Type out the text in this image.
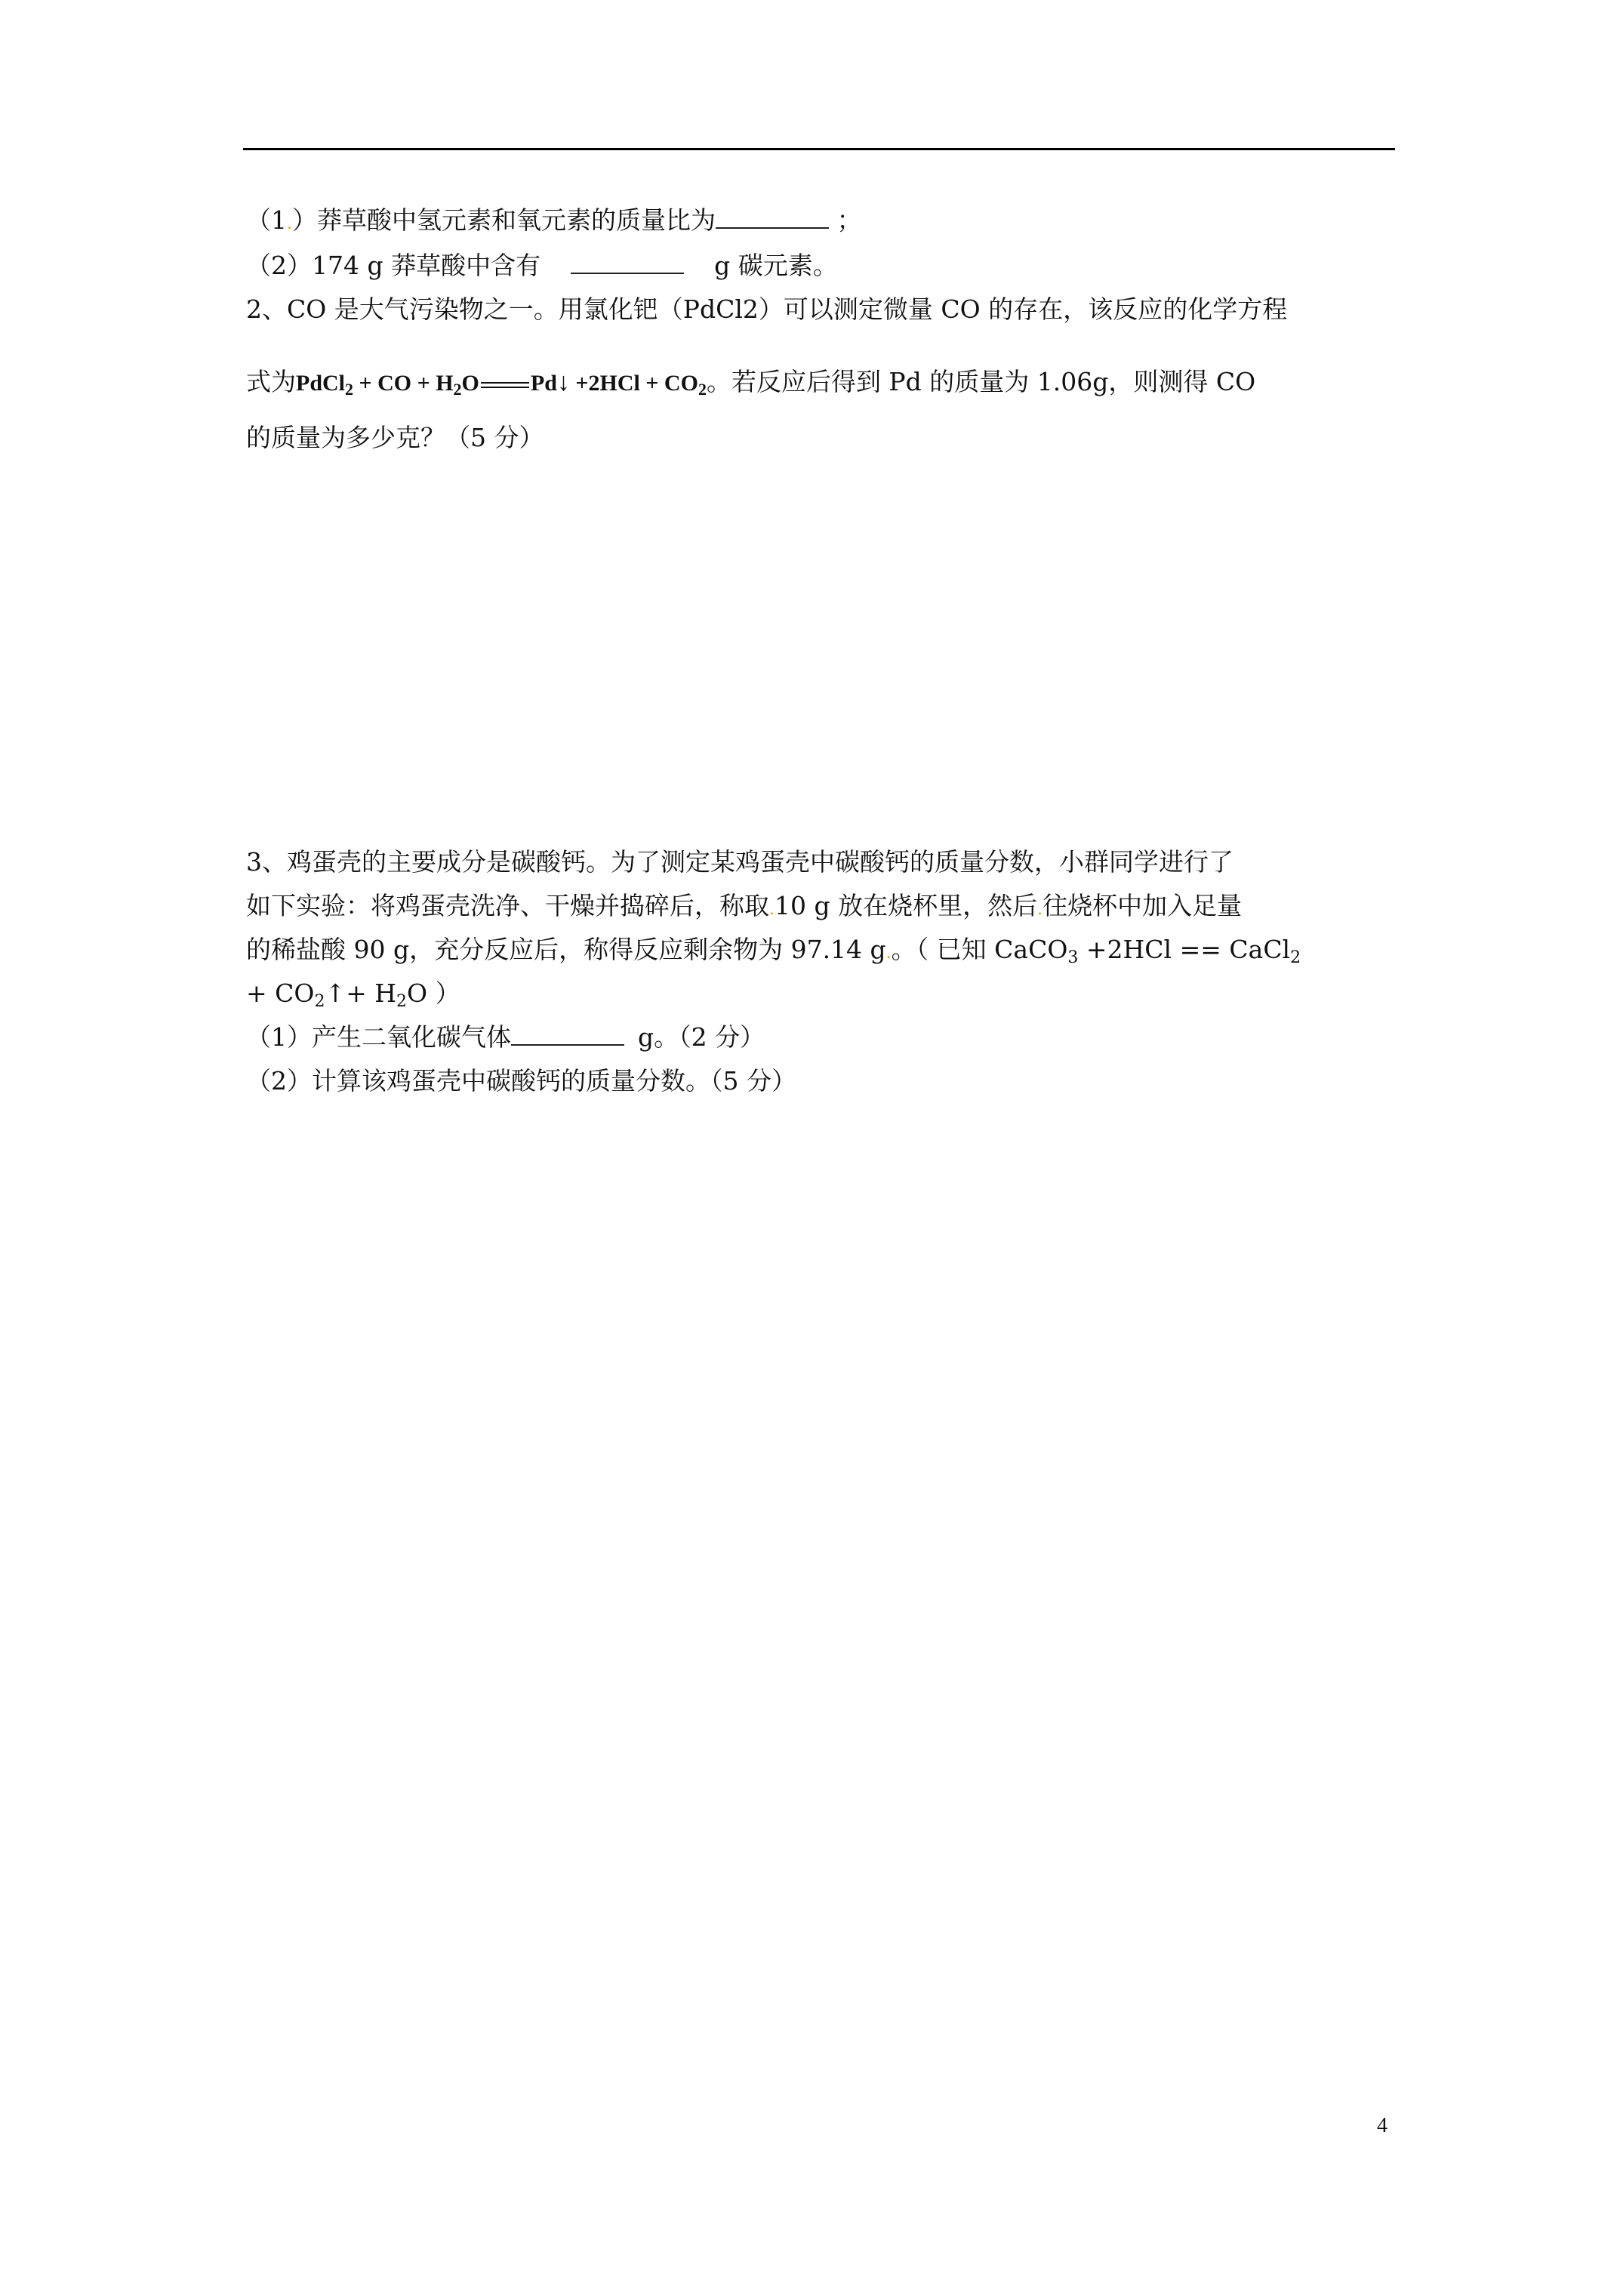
（1.）莽草酸中氢元素和氧元素的质量比为	；
（2）174 g 莽草酸中含有	g 碳元素。
2、CO 是大气污染物之一。用氯化钯（PdCl2）可以测定微量 CO 的存在，该反应的化学方程
式为PdCl$_2$ + CO + $H_2O$ Pd↓ $+2HCl + CO_2$。若反应后得到 Pd 的质量为 1.06g，则测得 CO
的质量为多少克？（5 分）
3、鸡蛋壳的主要成分是碳酸钙。为了测定某鸡蛋壳中碳酸钙的质量分数，小群同学进行了
如下实验：将鸡蛋壳洗净、干燥并捣碎后，称取.10 g 放在烧杯里，然后.往烧杯中加入足量
的稀盐酸 90 g，充分反应后，称得反应剩余物为 97.14 g.。（ 已知 CaCO$_3$ +2HCl == CaCl$_2$
+ $CO_2↑+ H_2O$ ）
（1）产生二氧化碳气体	g。（2 分）
（2）计算该鸡蛋壳中碳酸钙的质量分数。（5 分）
4
